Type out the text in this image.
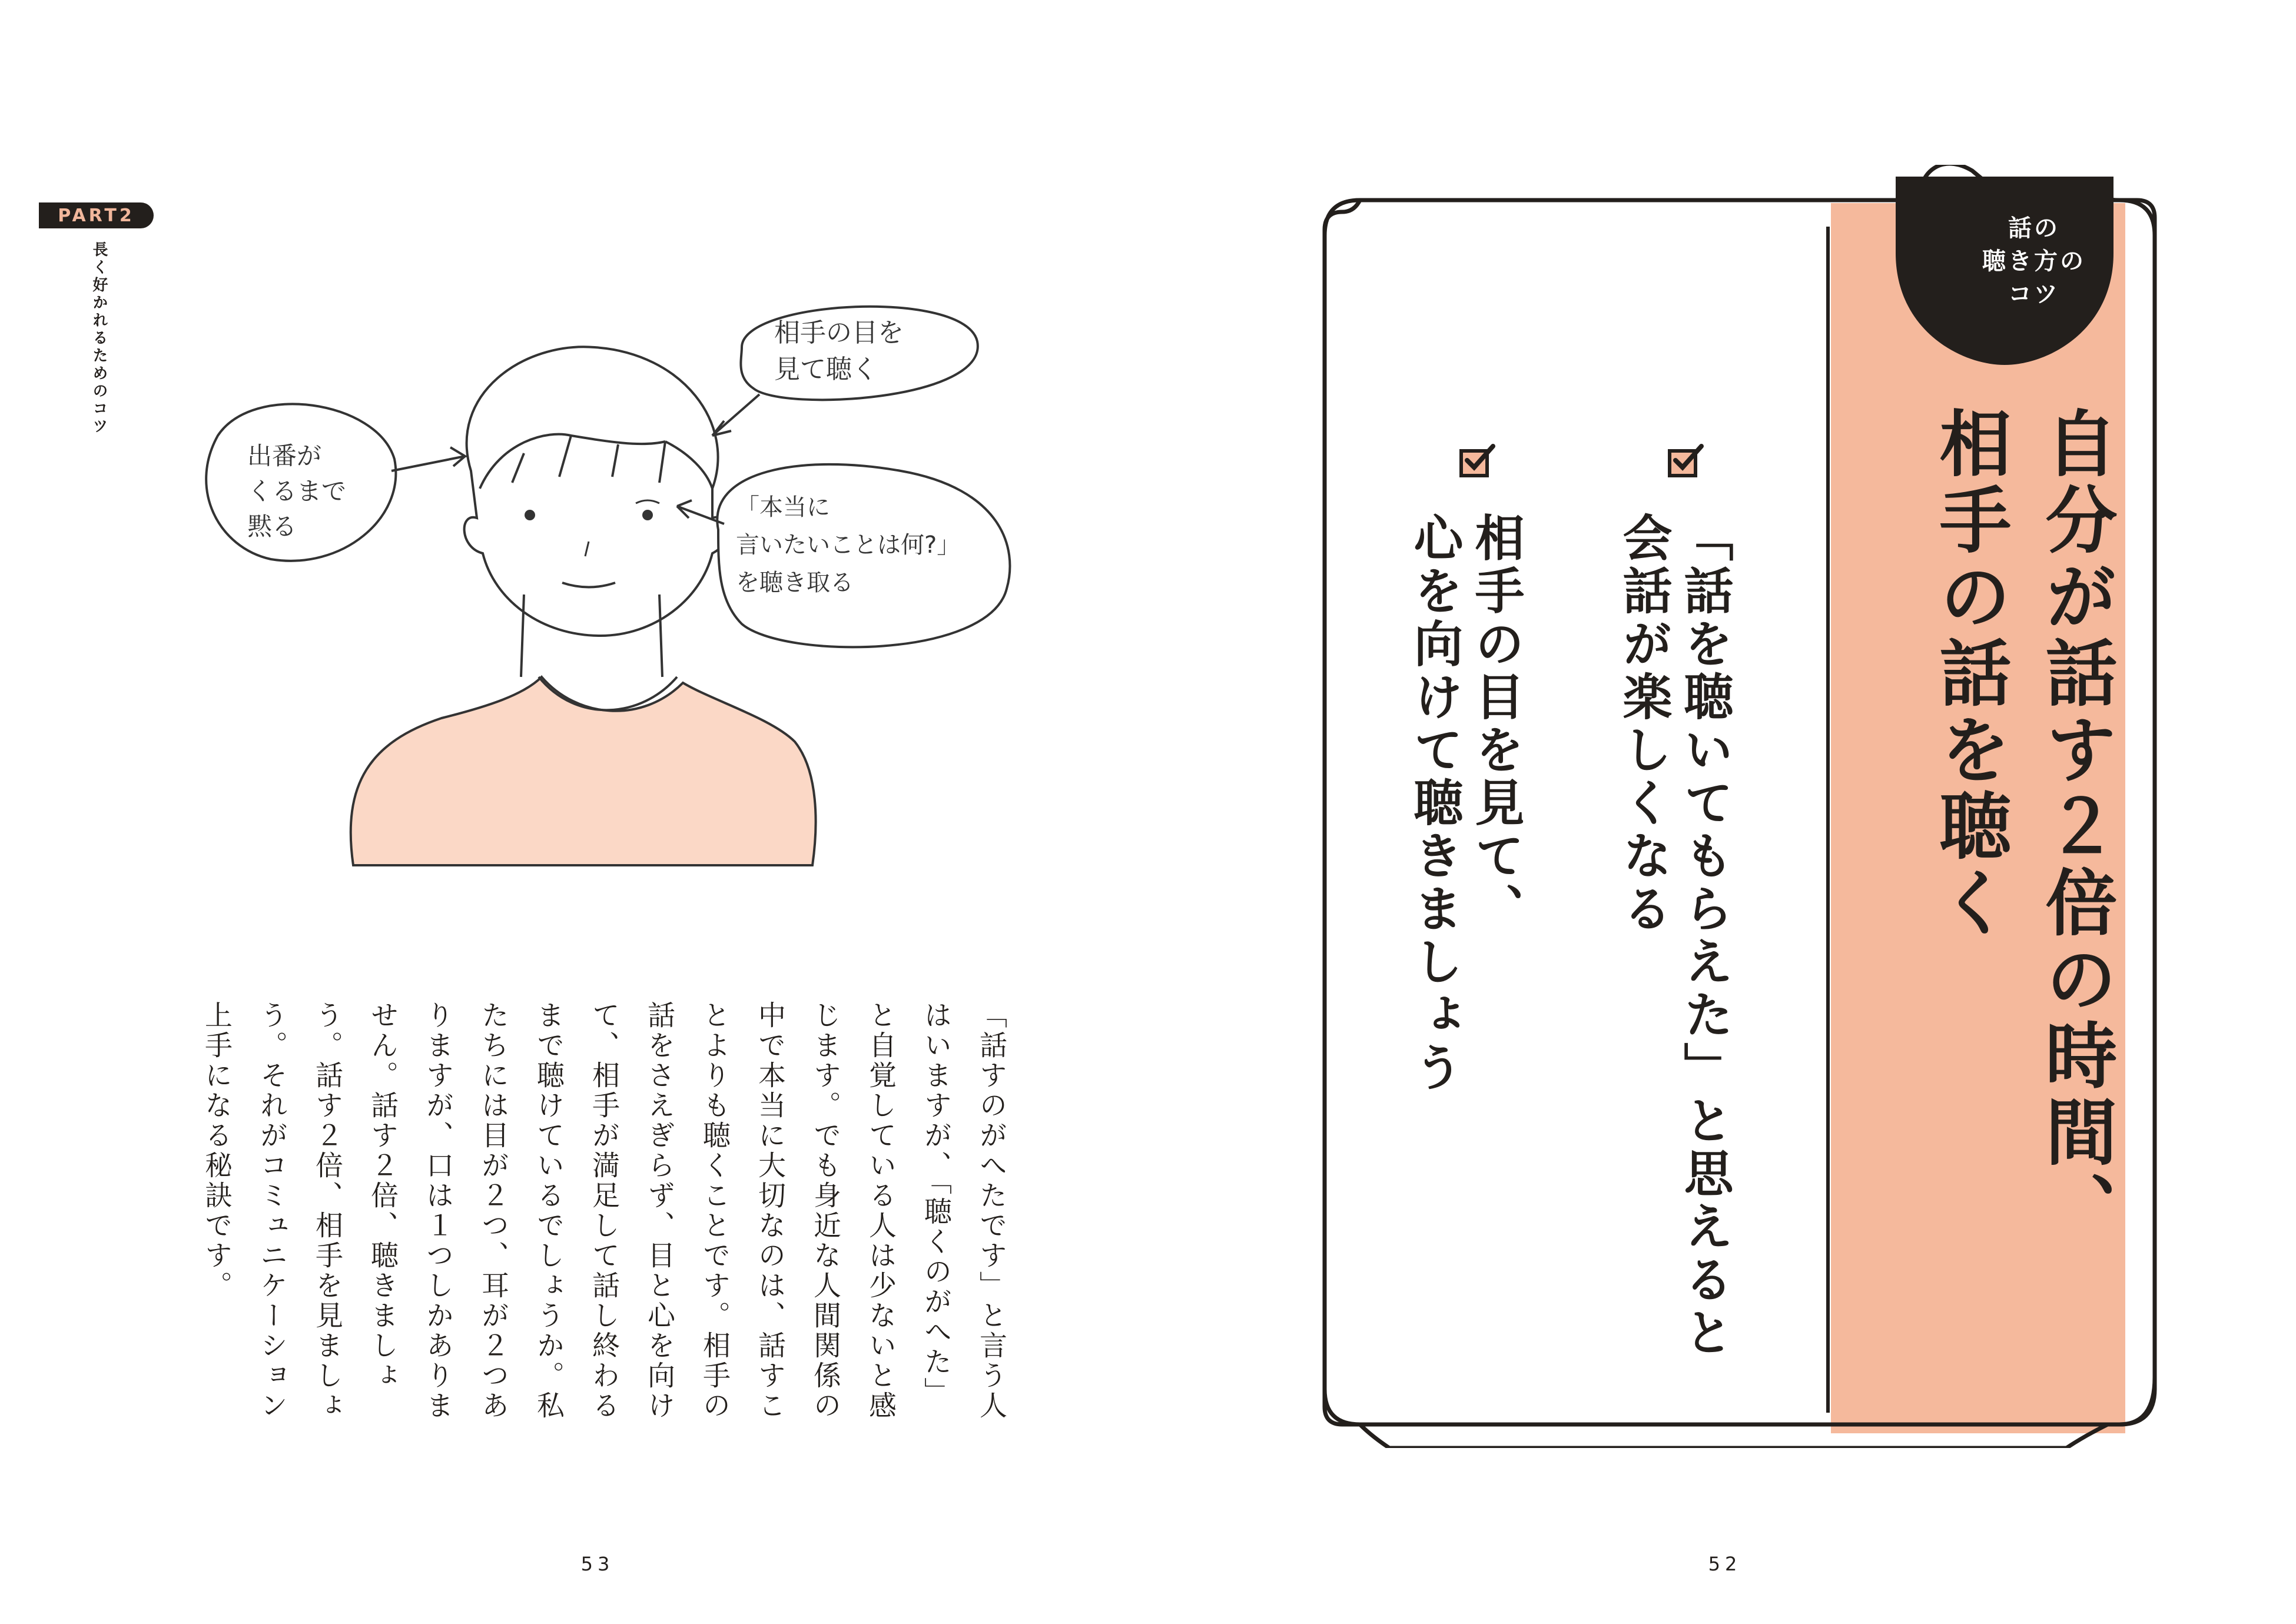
PART2
長く好かれるためのコツ	相手の目を
見て聴く
出番が
くるまで
黙る
「本当に
言いたいことは何?」
を聴き取る
「話すのがへたです」と言う人
はいますが、「聴くのがへた」
と自覚している人は少ないと感
じます。でも身近な人間関係の
中で本当に大切なのは、話すこ
とよりも聴くことです。相手の
話をさえぎらず、目と心を向け
て、相手が満足して話し終わる
まで聴けているでしょうか。私
たちには目が２つ、耳が２つあ
りますが、口は１つしかありま
せん。話す２倍、聴きましょ
う。話す２倍、相手を見ましょ
う。それがコミュニケーション
上手になる秘訣です。
53
話の
聴き方の
コツ
自分が話す２倍の時間、
相手の話を聴く
「話を聴いてもらえた」と思えると
会話が楽しくなる
相手の目を見て、
心を向けて聴きましょう
52
